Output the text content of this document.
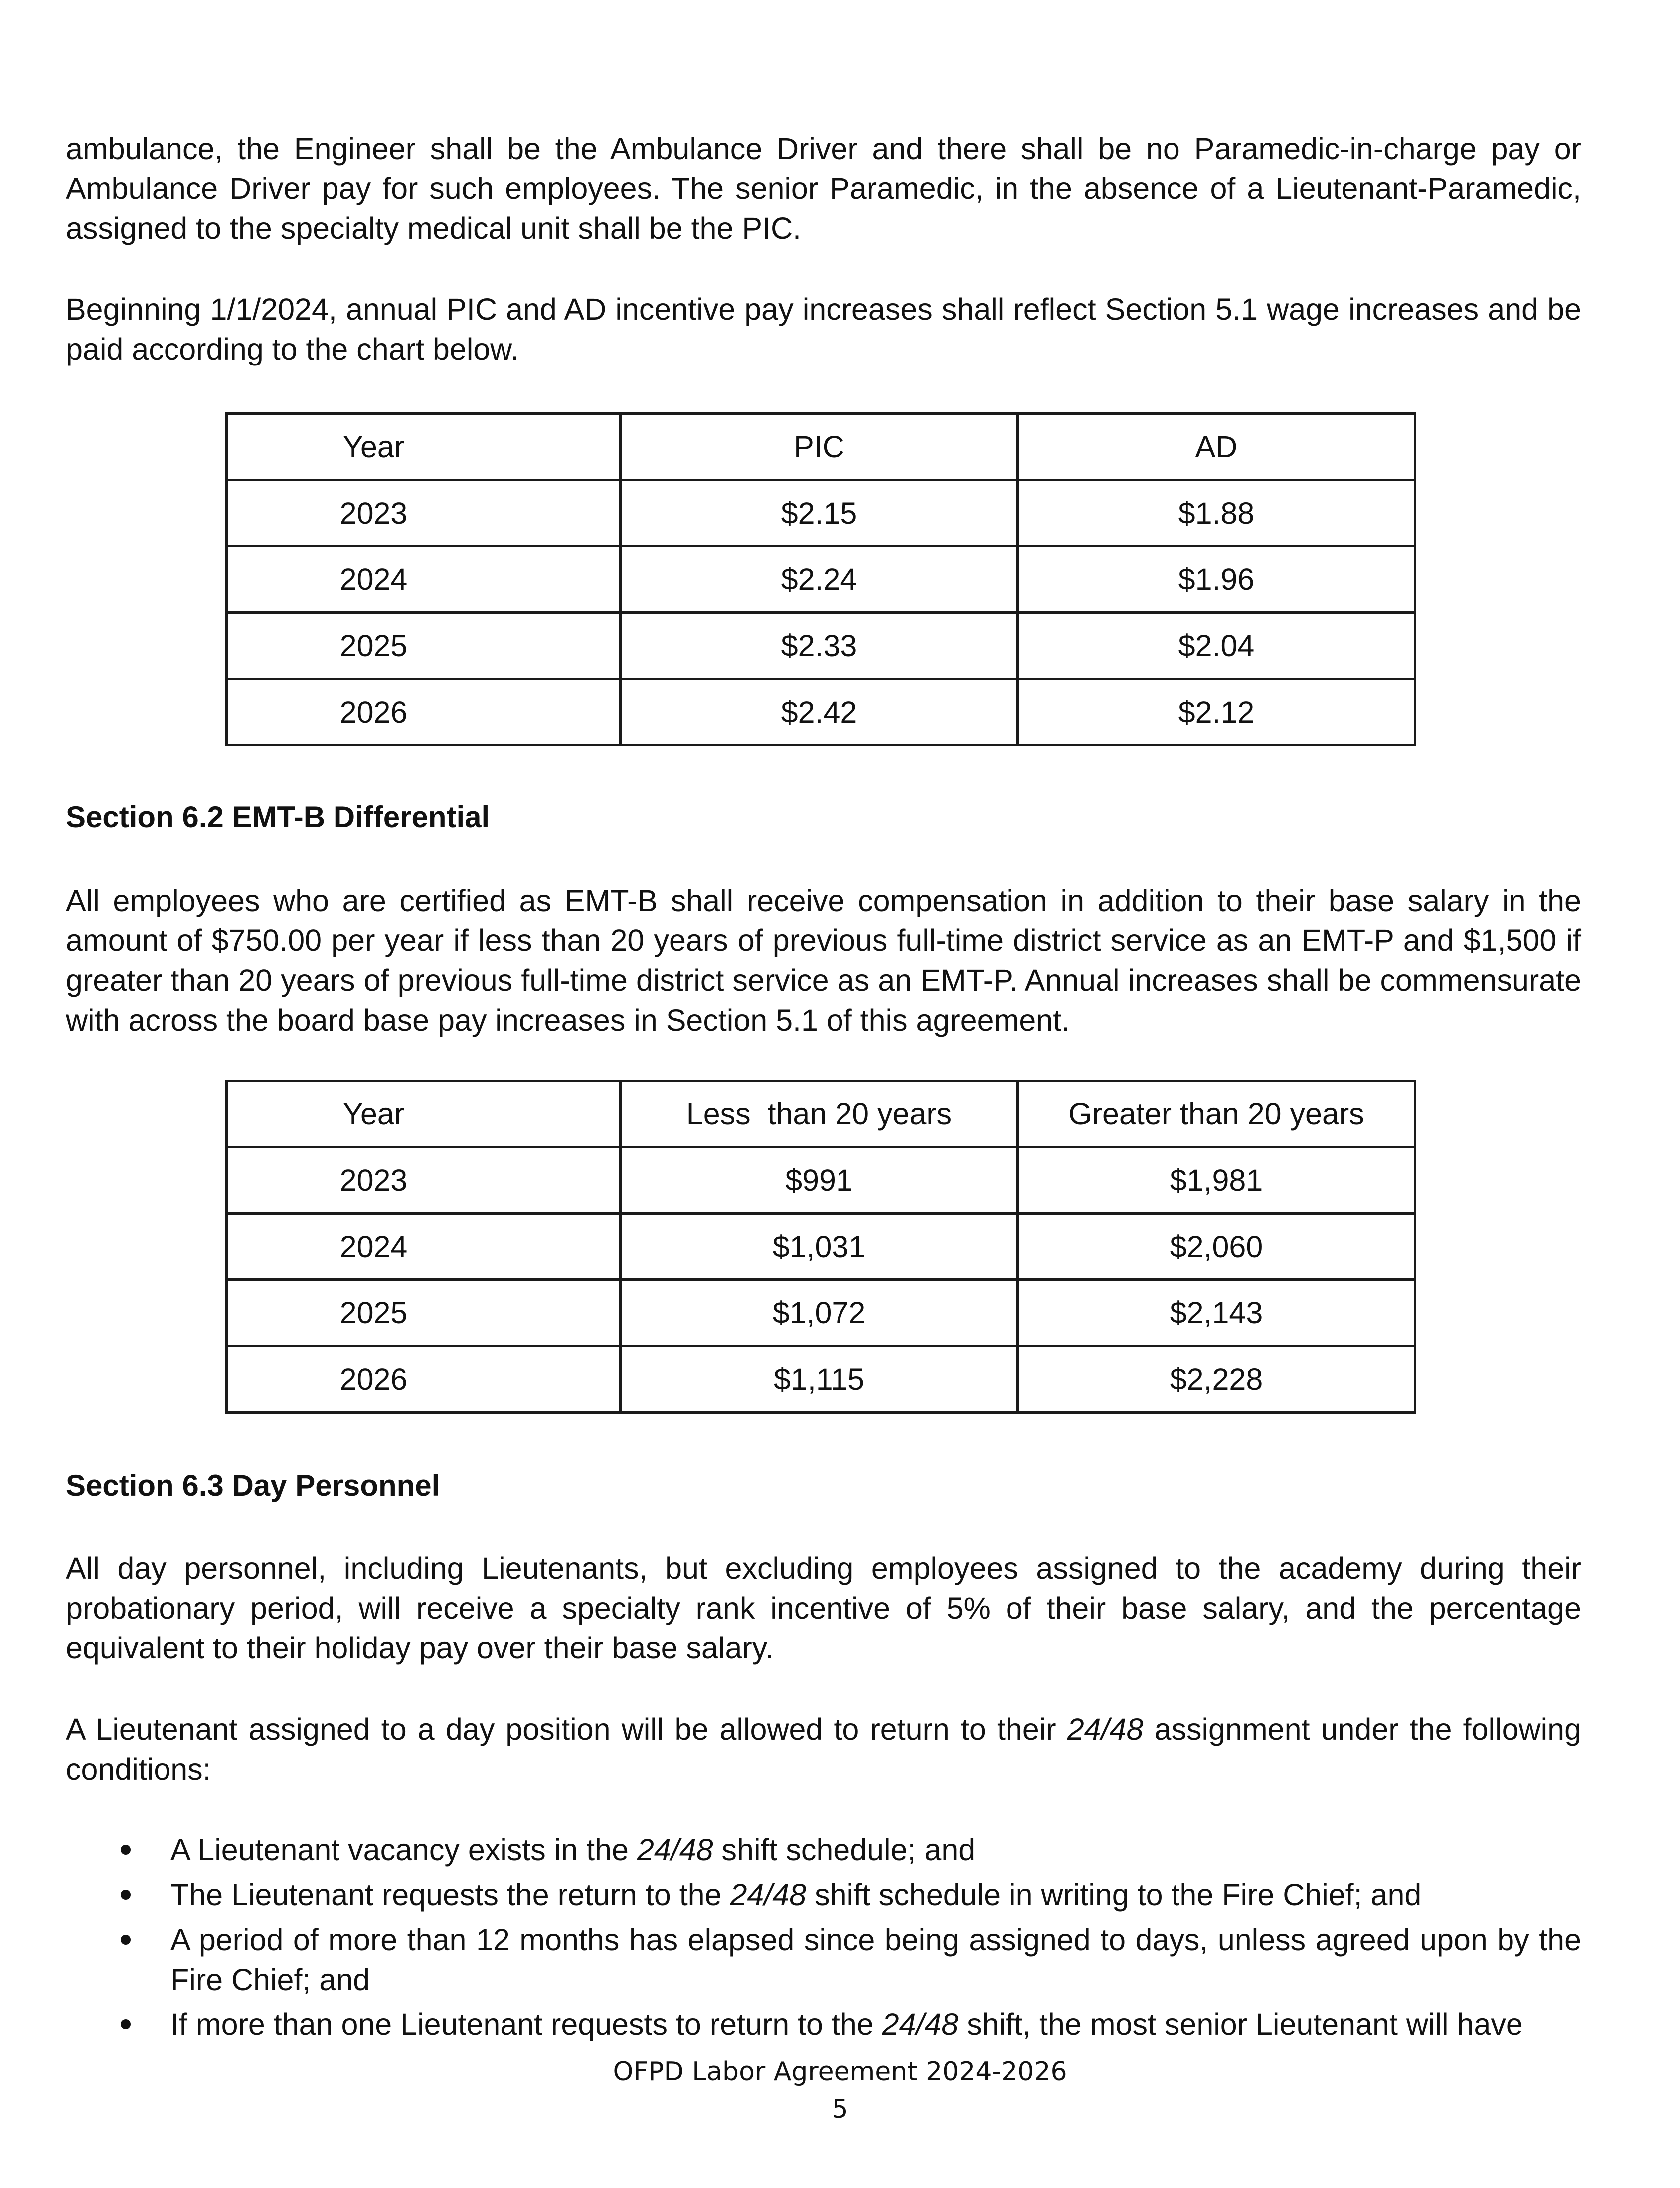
ambulance, the Engineer shall be the Ambulance Driver and there shall be no Paramedic-in-charge pay or Ambulance Driver pay for such employees. The senior Paramedic, in the absence of a Lieutenant-Paramedic, assigned to the specialty medical unit shall be the PIC.

Beginning 1/1/2024, annual PIC and AD incentive pay increases shall reflect Section 5.1 wage increases and be paid according to the chart below.

Year	PIC	AD
2023	$2.15	$1.88
2024	$2.24	$1.96
2025	$2.33	$2.04
2026	$2.42	$2.12

Section 6.2 EMT-B Differential

All employees who are certified as EMT-B shall receive compensation in addition to their base salary in the amount of $750.00 per year if less than 20 years of previous full-time district service as an EMT-P and $1,500 if greater than 20 years of previous full-time district service as an EMT-P. Annual increases shall be commensurate with across the board base pay increases in Section 5.1 of this agreement.

Year	Less  than 20 years	Greater than 20 years
2023	$991	$1,981
2024	$1,031	$2,060
2025	$1,072	$2,143
2026	$1,115	$2,228

Section 6.3 Day Personnel

All day personnel, including Lieutenants, but excluding employees assigned to the academy during their probationary period, will receive a specialty rank incentive of 5% of their base salary, and the percentage equivalent to their holiday pay over their base salary.

A Lieutenant assigned to a day position will be allowed to return to their 24/48 assignment under the following conditions:

A Lieutenant vacancy exists in the 24/48 shift schedule; and
The Lieutenant requests the return to the 24/48 shift schedule in writing to the Fire Chief; and
A period of more than 12 months has elapsed since being assigned to days, unless agreed upon by the Fire Chief; and
If more than one Lieutenant requests to return to the 24/48 shift, the most senior Lieutenant will have

OFPD Labor Agreement 2024-2026

5
